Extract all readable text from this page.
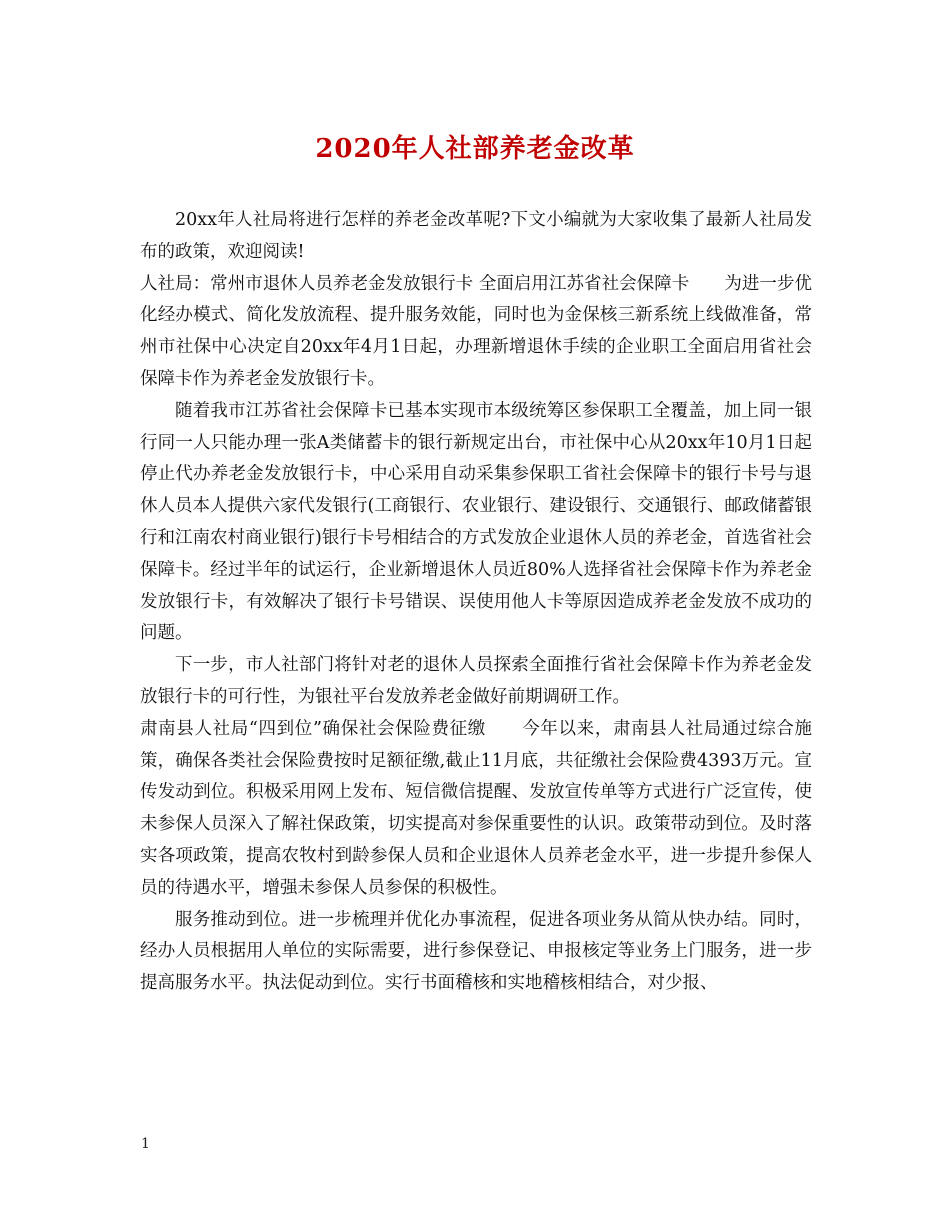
2020年人社部养老金改革

20xx年人社局将进行怎样的养老金改革呢?下文小编就为大家收集了最新人社局发布的政策，欢迎阅读!

人社局：常州市退休人员养老金发放银行卡 全面启用江苏省社会保障卡　　为进一步优化经办模式、简化发放流程、提升服务效能，同时也为金保核三新系统上线做准备，常州市社保中心决定自20xx年4月1日起，办理新增退休手续的企业职工全面启用省社会保障卡作为养老金发放银行卡。

随着我市江苏省社会保障卡已基本实现市本级统筹区参保职工全覆盖，加上同一银行同一人只能办理一张A类储蓄卡的银行新规定出台，市社保中心从20xx年10月1日起停止代办养老金发放银行卡，中心采用自动采集参保职工省社会保障卡的银行卡号与退休人员本人提供六家代发银行(工商银行、农业银行、建设银行、交通银行、邮政储蓄银行和江南农村商业银行)银行卡号相结合的方式发放企业退休人员的养老金，首选省社会保障卡。经过半年的试运行，企业新增退休人员近80%人选择省社会保障卡作为养老金发放银行卡，有效解决了银行卡号错误、误使用他人卡等原因造成养老金发放不成功的问题。

下一步，市人社部门将针对老的退休人员探索全面推行省社会保障卡作为养老金发放银行卡的可行性，为银社平台发放养老金做好前期调研工作。

肃南县人社局“四到位”确保社会保险费征缴　　今年以来，肃南县人社局通过综合施策，确保各类社会保险费按时足额征缴,截止11月底，共征缴社会保险费4393万元。宣传发动到位。积极采用网上发布、短信微信提醒、发放宣传单等方式进行广泛宣传，使未参保人员深入了解社保政策，切实提高对参保重要性的认识。政策带动到位。及时落实各项政策，提高农牧村到龄参保人员和企业退休人员养老金水平，进一步提升参保人员的待遇水平，增强未参保人员参保的积极性。

服务推动到位。进一步梳理并优化办事流程，促进各项业务从简从快办结。同时，经办人员根据用人单位的实际需要，进行参保登记、申报核定等业务上门服务，进一步提高服务水平。执法促动到位。实行书面稽核和实地稽核相结合，对少报、

1
